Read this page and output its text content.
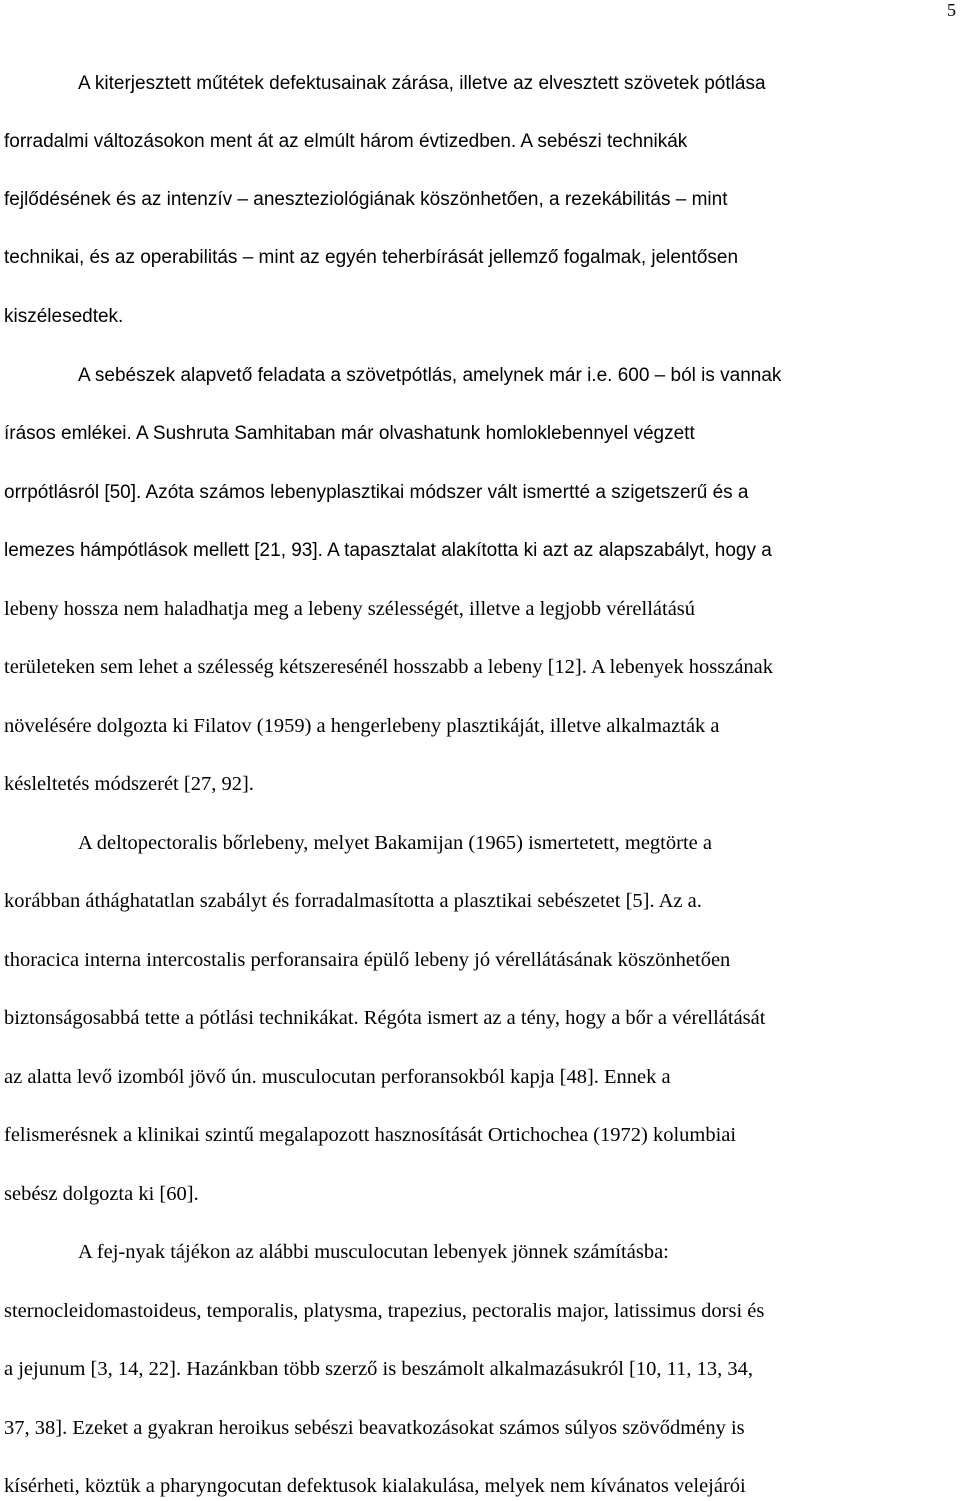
5
A kiterjesztett műtétek defektusainak zárása, illetve az elvesztett szövetek pótlása
forradalmi változásokon ment át az elmúlt három évtizedben. A sebészi technikák
fejlődésének és az intenzív – aneszteziológiának köszönhetően, a rezekábilitás – mint
technikai, és az operabilitás – mint az egyén teherbírását jellemző fogalmak, jelentősen
kiszélesedtek.
A sebészek alapvető feladata a szövetpótlás, amelynek már i.e. 600 – ból is vannak
írásos emlékei. A Sushruta Samhitaban már olvashatunk homloklebennyel végzett
orrpótlásról [50]. Azóta számos lebenyplasztikai módszer vált ismertté a szigetszerű és a
lemezes hámpótlások mellett [21, 93]. A tapasztalat alakította ki azt az alapszabályt, hogy a
lebeny hossza nem haladhatja meg a lebeny szélességét, illetve a legjobb vérellátású
területeken sem lehet a szélesség kétszeresénél hosszabb a lebeny [12]. A lebenyek hosszának
növelésére dolgozta ki Filatov (1959) a hengerlebeny plasztikáját, illetve alkalmazták a
késleltetés módszerét [27, 92].
A deltopectoralis bőrlebeny, melyet Bakamijan (1965) ismertetett, megtörte a
korábban áthághatatlan szabályt és forradalmasította a plasztikai sebészetet [5]. Az a.
thoracica interna intercostalis perforansaira épülő lebeny jó vérellátásának köszönhetően
biztonságosabbá tette a pótlási technikákat. Régóta ismert az a tény, hogy a bőr a vérellátását
az alatta levő izomból jövő ún. musculocutan perforansokból kapja [48]. Ennek a
felismerésnek a klinikai szintű megalapozott hasznosítását Ortichochea (1972) kolumbiai
sebész dolgozta ki [60].
A fej-nyak tájékon az alábbi musculocutan lebenyek jönnek számításba:
sternocleidomastoideus, temporalis, platysma, trapezius, pectoralis major, latissimus dorsi és
a jejunum [3, 14, 22]. Hazánkban több szerző is beszámolt alkalmazásukról [10, 11, 13, 34,
37, 38]. Ezeket a gyakran heroikus sebészi beavatkozásokat számos súlyos szövődmény is
kísérheti, köztük a pharyngocutan defektusok kialakulása, melyek nem kívánatos velejárói
